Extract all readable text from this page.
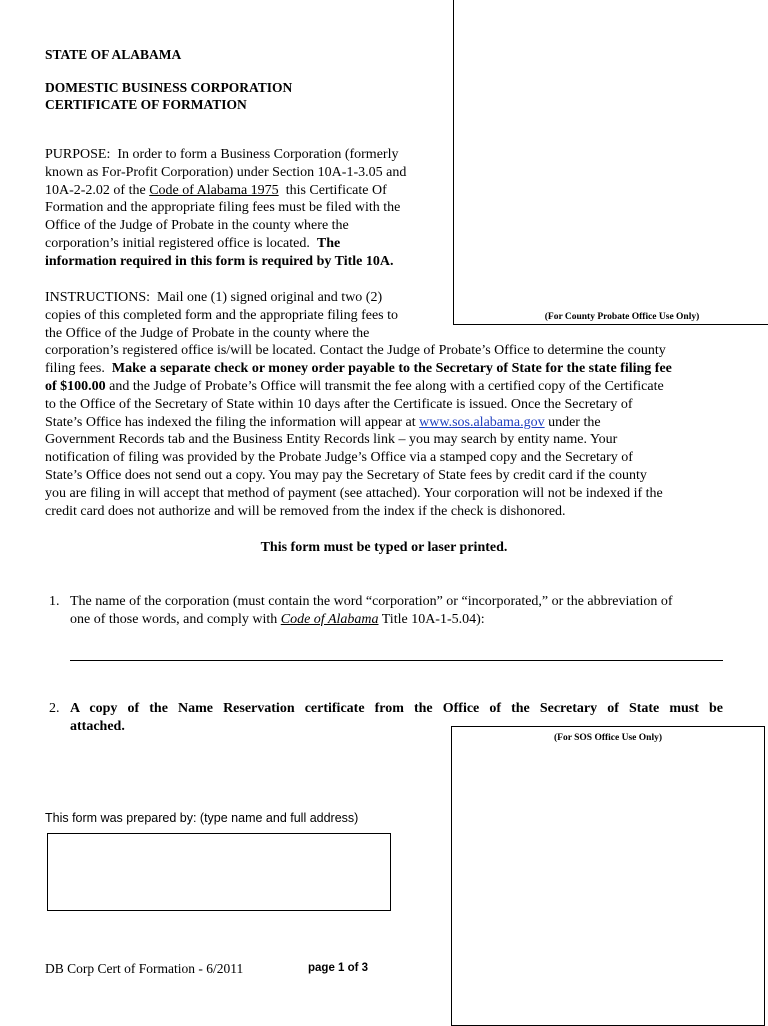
STATE OF ALABAMA
DOMESTIC BUSINESS CORPORATION
CERTIFICATE OF FORMATION
(For County Probate Office Use Only)
PURPOSE: In order to form a Business Corporation (formerly
known as For-Profit Corporation) under Section 10A-1-3.05 and
10A-2-2.02 of the Code of Alabama 1975 this Certificate Of
Formation and the appropriate filing fees must be filed with the
Office of the Judge of Probate in the county where the
corporation’s initial registered office is located. The
information required in this form is required by Title 10A.
INSTRUCTIONS: Mail one (1) signed original and two (2)
copies of this completed form and the appropriate filing fees to
the Office of the Judge of Probate in the county where the
corporation’s registered office is/will be located. Contact the Judge of Probate’s Office to determine the county
filing fees. Make a separate check or money order payable to the Secretary of State for the state filing fee
of $100.00 and the Judge of Probate’s Office will transmit the fee along with a certified copy of the Certificate
to the Office of the Secretary of State within 10 days after the Certificate is issued. Once the Secretary of
State’s Office has indexed the filing the information will appear at www.sos.alabama.gov under the
Government Records tab and the Business Entity Records link – you may search by entity name. Your
notification of filing was provided by the Probate Judge’s Office via a stamped copy and the Secretary of
State’s Office does not send out a copy. You may pay the Secretary of State fees by credit card if the county
you are filing in will accept that method of payment (see attached). Your corporation will not be indexed if the
credit card does not authorize and will be removed from the index if the check is dishonored.
This form must be typed or laser printed.
1. The name of the corporation (must contain the word “corporation” or “incorporated,” or the abbreviation of
one of those words, and comply with Code of Alabama Title 10A-1-5.04):
2. A copy of the Name Reservation certificate from the Office of the Secretary of State must be
attached.
(For SOS Office Use Only)
This form was prepared by: (type name and full address)
DB Corp Cert of Formation - 6/2011	page 1 of 3
